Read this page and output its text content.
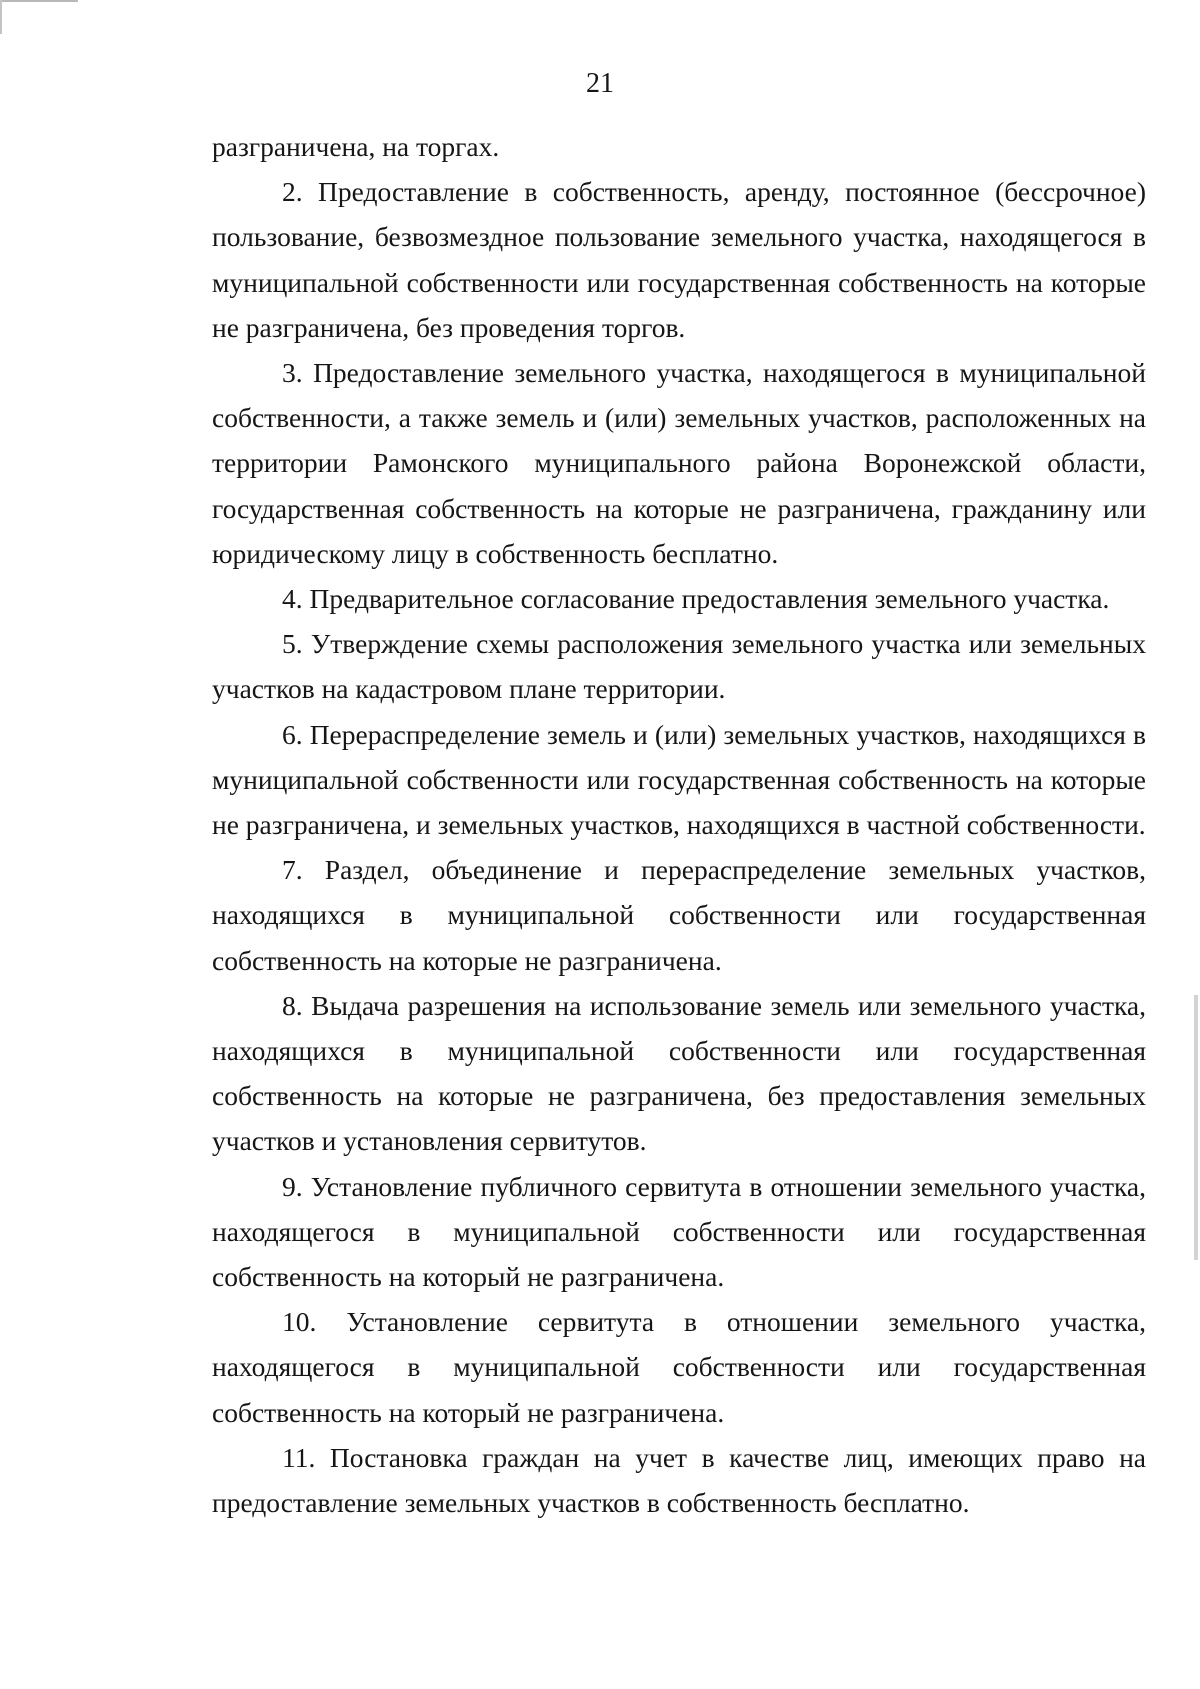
21

разграничена, на торгах.

2. Предоставление в собственность, аренду, постоянное (бессрочное) пользование, безвозмездное пользование земельного участка, находящегося в муниципальной собственности или государственная собственность на которые не разграничена, без проведения торгов.

3. Предоставление земельного участка, находящегося в муниципальной собственности, а также земель и (или) земельных участков, расположенных на территории Рамонского муниципального района Воронежской области, государственная собственность на которые не разграничена, гражданину или юридическому лицу в собственность бесплатно.

4. Предварительное согласование предоставления земельного участка.

5. Утверждение схемы расположения земельного участка или земельных участков на кадастровом плане территории.

6. Перераспределение земель и (или) земельных участков, находящихся в муниципальной собственности или государственная собственность на которые не разграничена, и земельных участков, находящихся в частной собственности.

7. Раздел, объединение и перераспределение земельных участков, находящихся в муниципальной собственности или государственная собственность на которые не разграничена.

8. Выдача разрешения на использование земель или земельного участка, находящихся в муниципальной собственности или государственная собственность на которые не разграничена, без предоставления земельных участков и установления сервитутов.

9. Установление публичного сервитута в отношении земельного участка, находящегося в муниципальной собственности или государственная собственность на который не разграничена.

10. Установление сервитута в отношении земельного участка, находящегося в муниципальной собственности или государственная собственность на который не разграничена.

11. Постановка граждан на учет в качестве лиц, имеющих право на предоставление земельных участков в собственность бесплатно.
